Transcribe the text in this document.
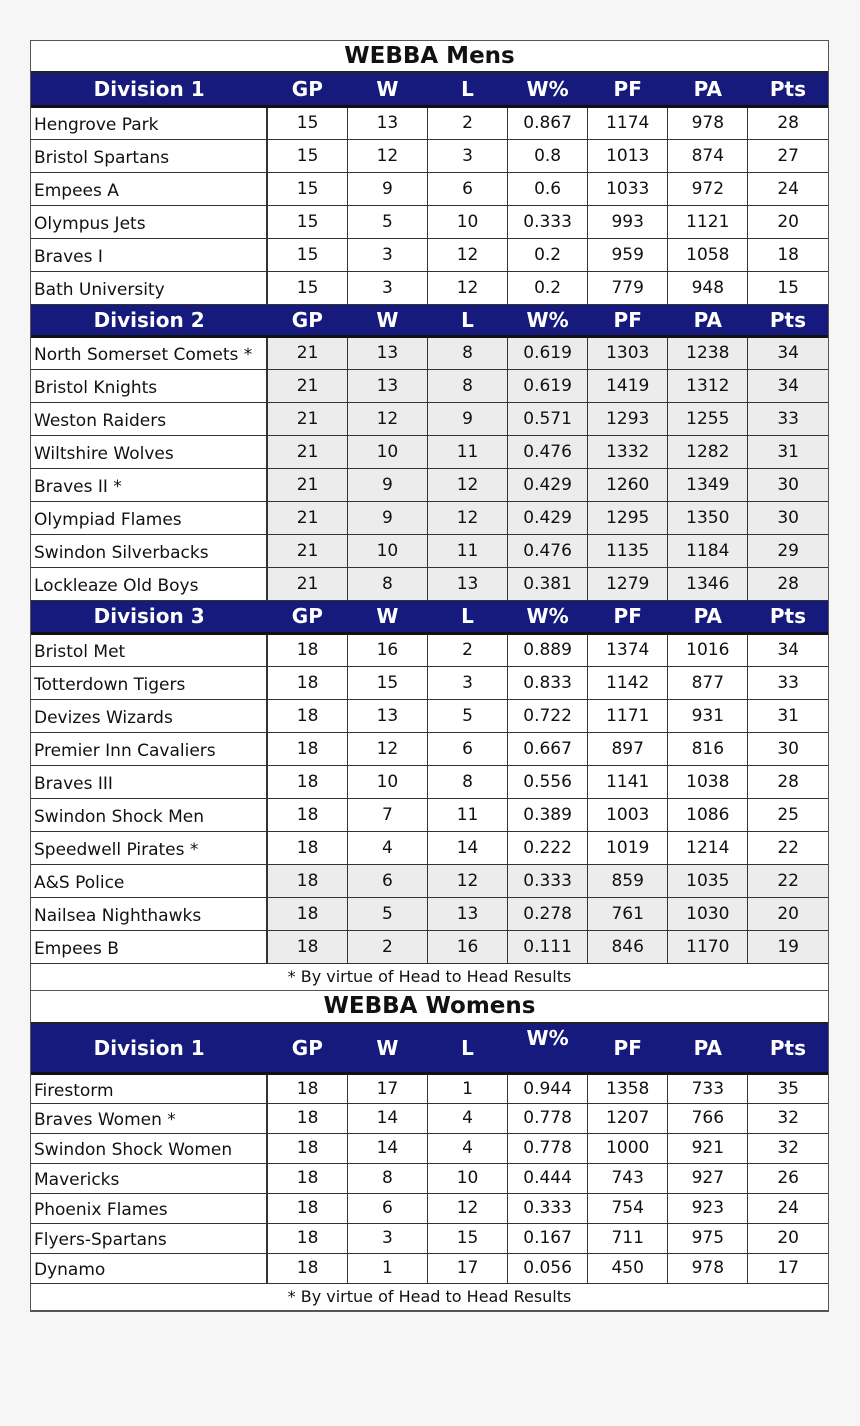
WEBBA Mens							
Division 1	GP	W	L	W%	PF	PA	Pts
Hengrove Park	15	13	2	0.867	1174	978	28
Bristol Spartans	15	12	3	0.8	1013	874	27
Empees A	15	9	6	0.6	1033	972	24
Olympus Jets	15	5	10	0.333	993	1121	20
Braves I	15	3	12	0.2	959	1058	18
Bath University	15	3	12	0.2	779	948	15
Division 2	GP	W	L	W%	PF	PA	Pts
North Somerset Comets *	21	13	8	0.619	1303	1238	34
Bristol Knights	21	13	8	0.619	1419	1312	34
Weston Raiders	21	12	9	0.571	1293	1255	33
Wiltshire Wolves	21	10	11	0.476	1332	1282	31
Braves II *	21	9	12	0.429	1260	1349	30
Olympiad Flames	21	9	12	0.429	1295	1350	30
Swindon Silverbacks	21	10	11	0.476	1135	1184	29
Lockleaze Old Boys	21	8	13	0.381	1279	1346	28
Division 3	GP	W	L	W%	PF	PA	Pts
Bristol Met	18	16	2	0.889	1374	1016	34
Totterdown Tigers	18	15	3	0.833	1142	877	33
Devizes Wizards	18	13	5	0.722	1171	931	31
Premier Inn Cavaliers	18	12	6	0.667	897	816	30
Braves III	18	10	8	0.556	1141	1038	28
Swindon Shock Men	18	7	11	0.389	1003	1086	25
Speedwell Pirates *	18	4	14	0.222	1019	1214	22
A&S Police	18	6	12	0.333	859	1035	22
Nailsea Nighthawks	18	5	13	0.278	761	1030	20
Empees B	18	2	16	0.111	846	1170	19
* By virtue of Head to Head Results							
WEBBA Womens							
Division 1	GP	W	L	W%	PF	PA	Pts
Firestorm	18	17	1	0.944	1358	733	35
Braves Women *	18	14	4	0.778	1207	766	32
Swindon Shock Women	18	14	4	0.778	1000	921	32
Mavericks	18	8	10	0.444	743	927	26
Phoenix Flames	18	6	12	0.333	754	923	24
Flyers-Spartans	18	3	15	0.167	711	975	20
Dynamo	18	1	17	0.056	450	978	17
* By virtue of Head to Head Results							
